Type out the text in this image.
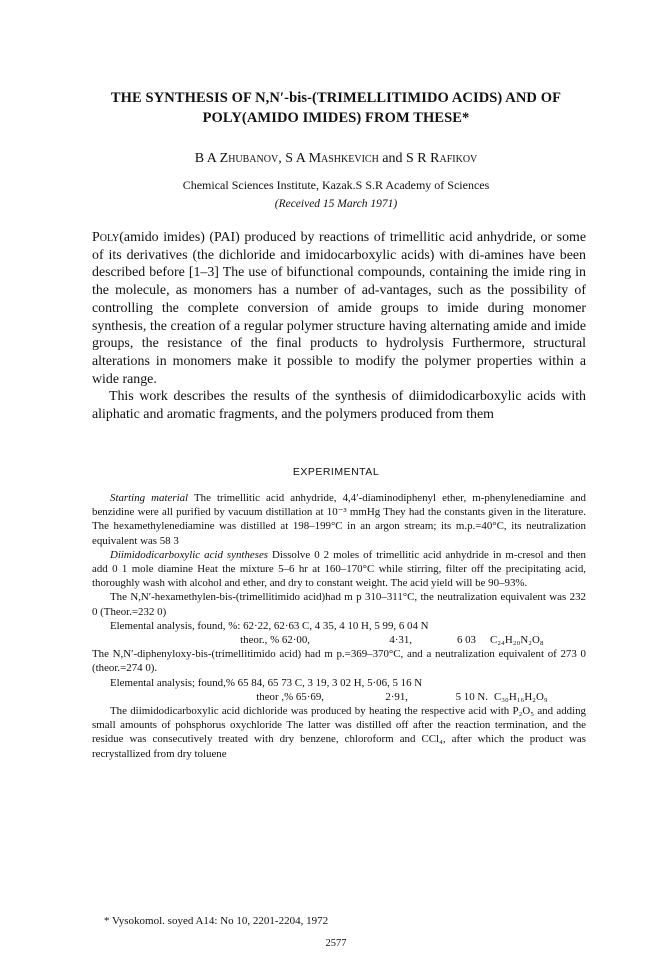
THE SYNTHESIS OF N,N′-bis-(TRIMELLITIMIDO ACIDS) AND OF
POLY(AMIDO IMIDES) FROM THESE*
B A Zhubanov, S A Mashkevich and S R Rafikov
Chemical Sciences Institute, Kazak.S S.R Academy of Sciences
(Received 15 March 1971)

Poly(amido imides) (PAI) produced by reactions of trimellitic acid anhydride, or some of its derivatives (the dichloride and imidocarboxylic acids) with di-amines have been described before [1–3] The use of bifunctional compounds, containing the imide ring in the molecule, as monomers has a number of ad-vantages, such as the possibility of controlling the complete conversion of amide groups to imide during monomer synthesis, the creation of a regular polymer structure having alternating amide and imide groups, the resistance of the final products to hydrolysis Furthermore, structural alterations in monomers make it possible to modify the polymer properties within a wide range.

This work describes the results of the synthesis of diimidodicarboxylic acids with aliphatic and aromatic fragments, and the polymers produced from them

EXPERIMENTAL

Starting material The trimellitic acid anhydride, 4,4′-diaminodiphenyl ether, m-phenylenediamine and benzidine were all purified by vacuum distillation at 10⁻³ mmHg They had the constants given in the literature. The hexamethylenediamine was distilled at 198–199°C in an argon stream; its m.p.=40°C, its neutralization equivalent was 58 3

Diimidodicarboxylic acid syntheses Dissolve 0 2 moles of trimellitic acid anhydride in m-cresol and then add 0 1 mole diamine Heat the mixture 5–6 hr at 160–170°C while stirring, filter off the precipitating acid, thoroughly wash with alcohol and ether, and dry to constant weight. The acid yield will be 90–93%.

The N,N′-hexamethylen-bis-(trimellitimido acid)had m p 310–311°C, the neutralization equivalent was 232 0 (Theor.=232 0)

Elemental analysis, found, %: 62·22, 62·63 C, 4 35, 4 10 H, 5 99, 6 04 N
theor., % 62·00,	4·31,	6 03	C₂₄H₂₀N₂O₈

The N,N′-diphenyloxy-bis-(trimellitimido acid) had m p.=369–370°C, and a neutralization equivalent of 273 0 (theor.=274 0).

Elemental analysis; found,% 65 84, 65 73 C, 3 19, 3 02 H, 5·06, 5 16 N
theor ,% 65·69,	2·91,	5 10 N. C₃₀H₁₆H₂O₉

The diimidodicarboxylic acid dichloride was produced by heating the respective acid with P₂O₅ and adding small amounts of pohsphorus oxychloride The latter was distilled off after the reaction termination, and the residue was consecutively treated with dry benzene, chloroform and CCl₄, after which the product was recrystallized from dry toluene

* Vysokomol. soyed A14: No 10, 2201-2204, 1972
2577
